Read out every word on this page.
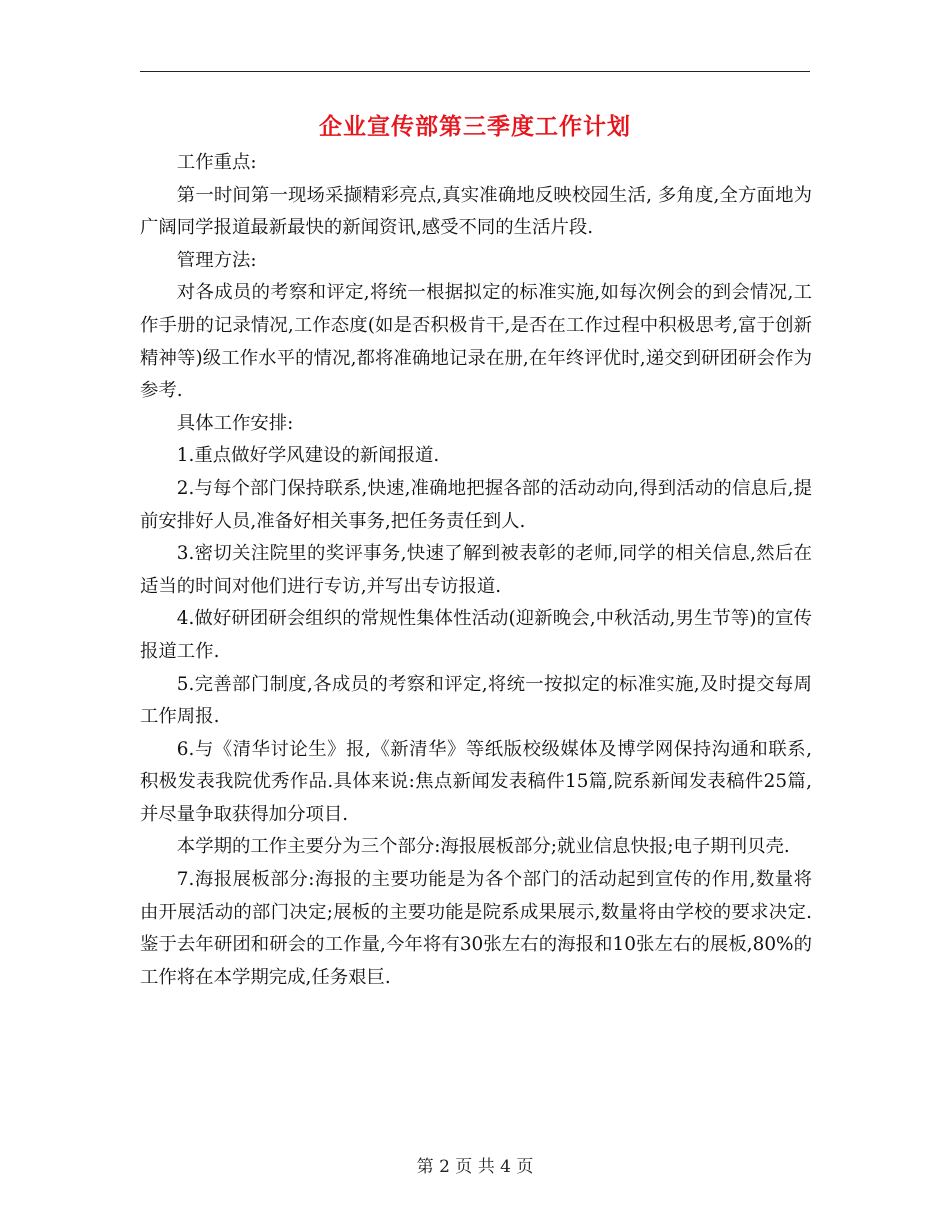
企业宣传部第三季度工作计划

工作重点:

第一时间第一现场采撷精彩亮点,真实准确地反映校园生活, 多角度,全方面地为广阔同学报道最新最快的新闻资讯,感受不同的生活片段.

管理方法:

对各成员的考察和评定,将统一根据拟定的标准实施,如每次例会的到会情况,工作手册的记录情况,工作态度(如是否积极肯干,是否在工作过程中积极思考,富于创新精神等)级工作水平的情况,都将准确地记录在册,在年终评优时,递交到研团研会作为参考.

具体工作安排:

1.重点做好学风建设的新闻报道.

2.与每个部门保持联系,快速,准确地把握各部的活动动向,得到活动的信息后,提前安排好人员,准备好相关事务,把任务责任到人.

3.密切关注院里的奖评事务,快速了解到被表彰的老师,同学的相关信息,然后在适当的时间对他们进行专访,并写出专访报道.

4.做好研团研会组织的常规性集体性活动(迎新晚会,中秋活动,男生节等)的宣传报道工作.

5.完善部门制度,各成员的考察和评定,将统一按拟定的标准实施,及时提交每周工作周报.

6.与《清华讨论生》报,《新清华》等纸版校级媒体及博学网保持沟通和联系,积极发表我院优秀作品.具体来说:焦点新闻发表稿件15篇,院系新闻发表稿件25篇,并尽量争取获得加分项目.

本学期的工作主要分为三个部分:海报展板部分;就业信息快报;电子期刊贝壳.

7.海报展板部分:海报的主要功能是为各个部门的活动起到宣传的作用,数量将由开展活动的部门决定;展板的主要功能是院系成果展示,数量将由学校的要求决定.鉴于去年研团和研会的工作量,今年将有30张左右的海报和10张左右的展板,80%的工作将在本学期完成,任务艰巨.

第 2 页 共 4 页
